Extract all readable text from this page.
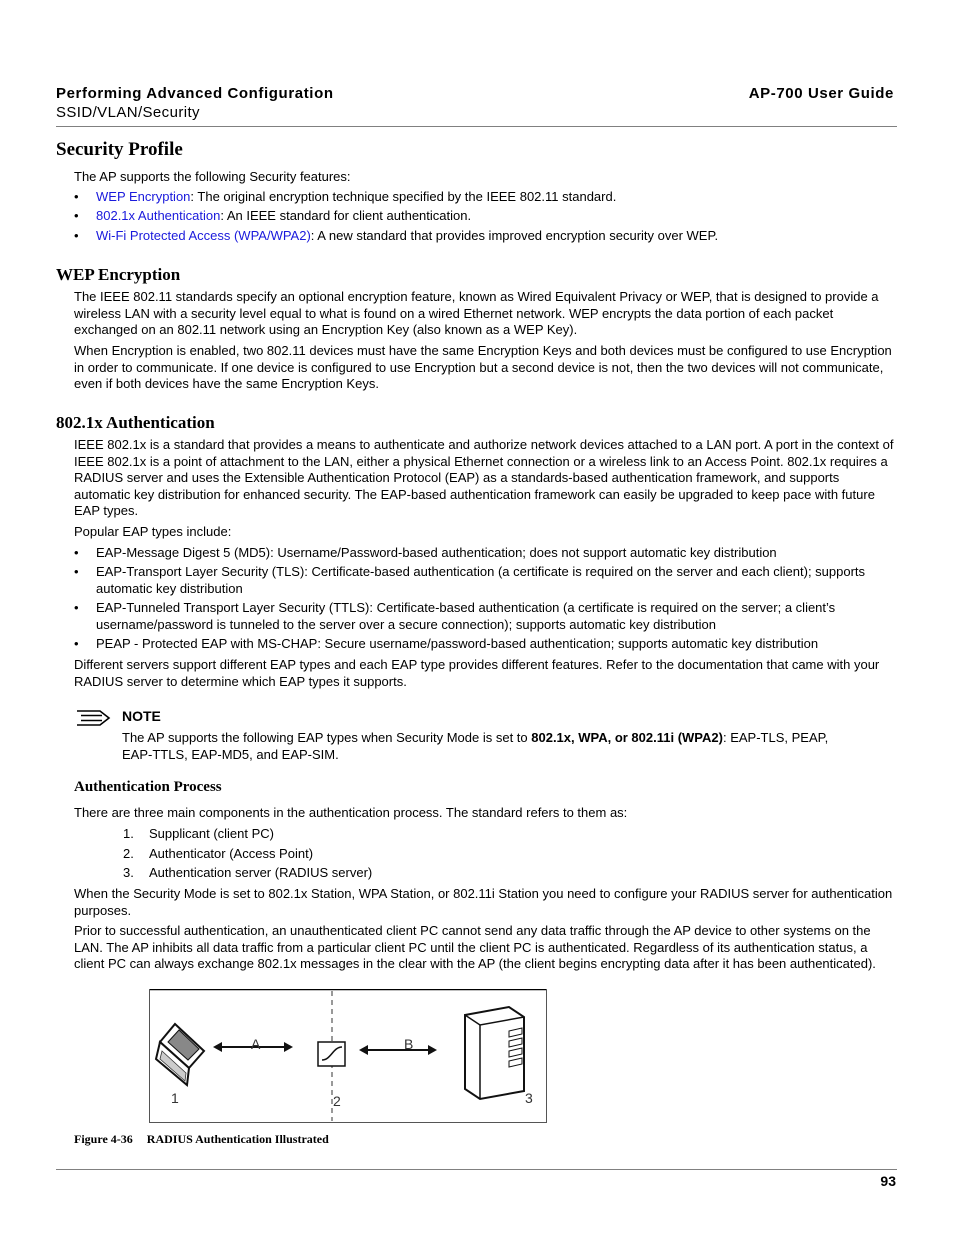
Performing Advanced Configuration	AP-700 User Guide
SSID/VLAN/Security
Security Profile
The AP supports the following Security features:
• WEP Encryption: The original encryption technique specified by the IEEE 802.11 standard.
• 802.1x Authentication: An IEEE standard for client authentication.
• Wi-Fi Protected Access (WPA/WPA2): A new standard that provides improved encryption security over WEP.
WEP Encryption
The IEEE 802.11 standards specify an optional encryption feature, known as Wired Equivalent Privacy or WEP, that is designed to provide a wireless LAN with a security level equal to what is found on a wired Ethernet network. WEP encrypts the data portion of each packet exchanged on an 802.11 network using an Encryption Key (also known as a WEP Key).
When Encryption is enabled, two 802.11 devices must have the same Encryption Keys and both devices must be configured to use Encryption in order to communicate. If one device is configured to use Encryption but a second device is not, then the two devices will not communicate, even if both devices have the same Encryption Keys.
802.1x Authentication
IEEE 802.1x is a standard that provides a means to authenticate and authorize network devices attached to a LAN port. A port in the context of IEEE 802.1x is a point of attachment to the LAN, either a physical Ethernet connection or a wireless link to an Access Point. 802.1x requires a RADIUS server and uses the Extensible Authentication Protocol (EAP) as a standards-based authentication framework, and supports automatic key distribution for enhanced security. The EAP-based authentication framework can easily be upgraded to keep pace with future EAP types.
Popular EAP types include:
• EAP-Message Digest 5 (MD5): Username/Password-based authentication; does not support automatic key distribution
• EAP-Transport Layer Security (TLS): Certificate-based authentication (a certificate is required on the server and each client); supports automatic key distribution
• EAP-Tunneled Transport Layer Security (TTLS): Certificate-based authentication (a certificate is required on the server; a client’s username/password is tunneled to the server over a secure connection); supports automatic key distribution
• PEAP - Protected EAP with MS-CHAP: Secure username/password-based authentication; supports automatic key distribution
Different servers support different EAP types and each EAP type provides different features. Refer to the documentation that came with your RADIUS server to determine which EAP types it supports.
NOTE
The AP supports the following EAP types when Security Mode is set to 802.1x, WPA, or 802.11i (WPA2): EAP-TLS, PEAP, EAP-TTLS, EAP-MD5, and EAP-SIM.
Authentication Process
There are three main components in the authentication process. The standard refers to them as:
1. Supplicant (client PC)
2. Authenticator (Access Point)
3. Authentication server (RADIUS server)
When the Security Mode is set to 802.1x Station, WPA Station, or 802.11i Station you need to configure your RADIUS server for authentication purposes.
Prior to successful authentication, an unauthenticated client PC cannot send any data traffic through the AP device to other systems on the LAN. The AP inhibits all data traffic from a particular client PC until the client PC is authenticated. Regardless of its authentication status, a client PC can always exchange 802.1x messages in the clear with the AP (the client begins encrypting data after it has been authenticated).
A	B
1	2	3
Figure 4-36 RADIUS Authentication Illustrated
93
